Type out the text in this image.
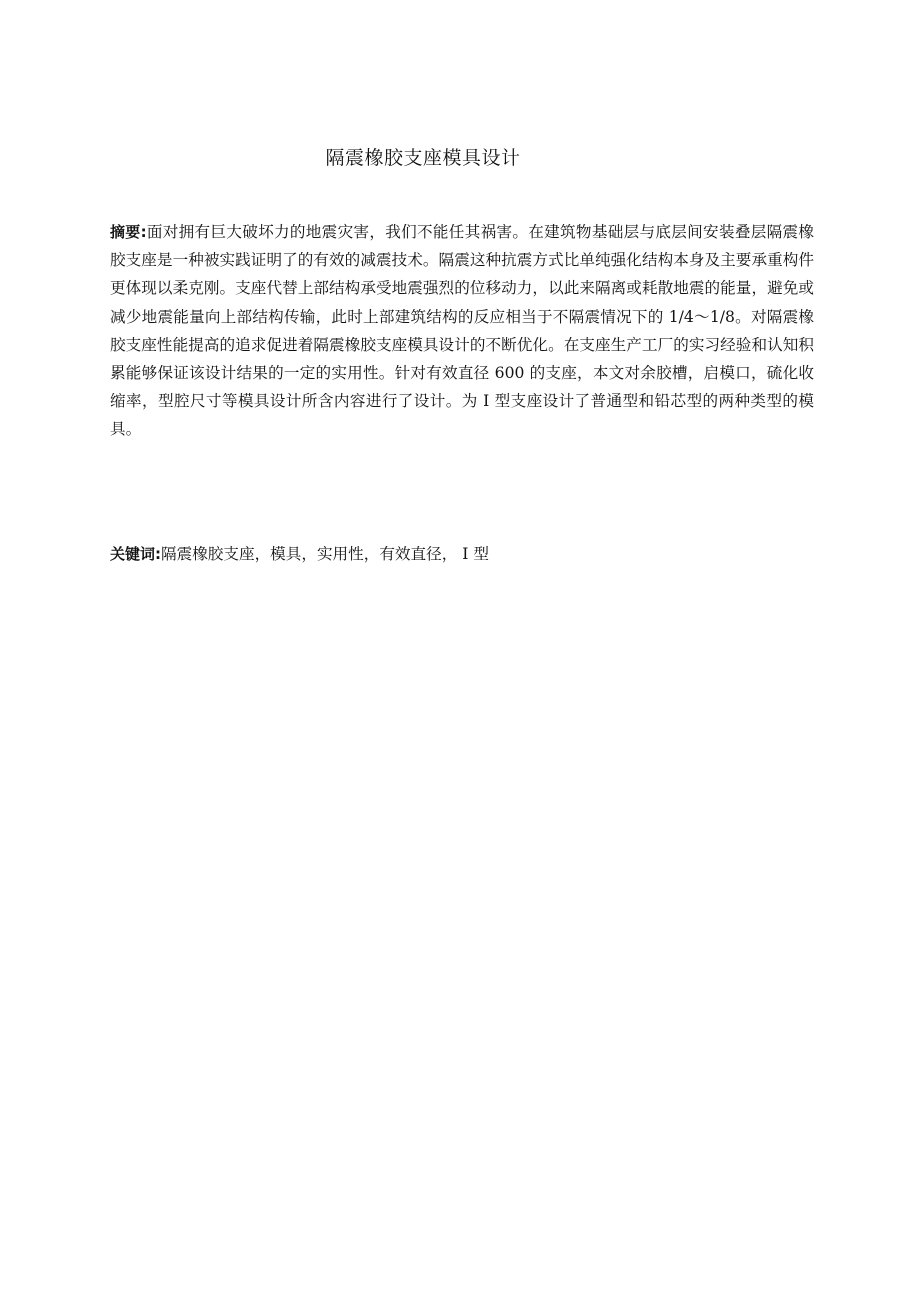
隔震橡胶支座模具设计

摘要:面对拥有巨大破坏力的地震灾害，我们不能任其祸害。在建筑物基础层与底层间安装叠层隔震橡胶支座是一种被实践证明了的有效的减震技术。隔震这种抗震方式比单纯强化结构本身及主要承重构件更体现以柔克刚。支座代替上部结构承受地震强烈的位移动力，以此来隔离或耗散地震的能量，避免或减少地震能量向上部结构传输，此时上部建筑结构的反应相当于不隔震情况下的 1/4～1/8。对隔震橡胶支座性能提高的追求促进着隔震橡胶支座模具设计的不断优化。在支座生产工厂的实习经验和认知积累能够保证该设计结果的一定的实用性。针对有效直径 600 的支座，本文对余胶槽，启模口，硫化收缩率，型腔尺寸等模具设计所含内容进行了设计。为 I 型支座设计了普通型和铅芯型的两种类型的模具。

关键词:隔震橡胶支座，模具，实用性，有效直径， I 型
